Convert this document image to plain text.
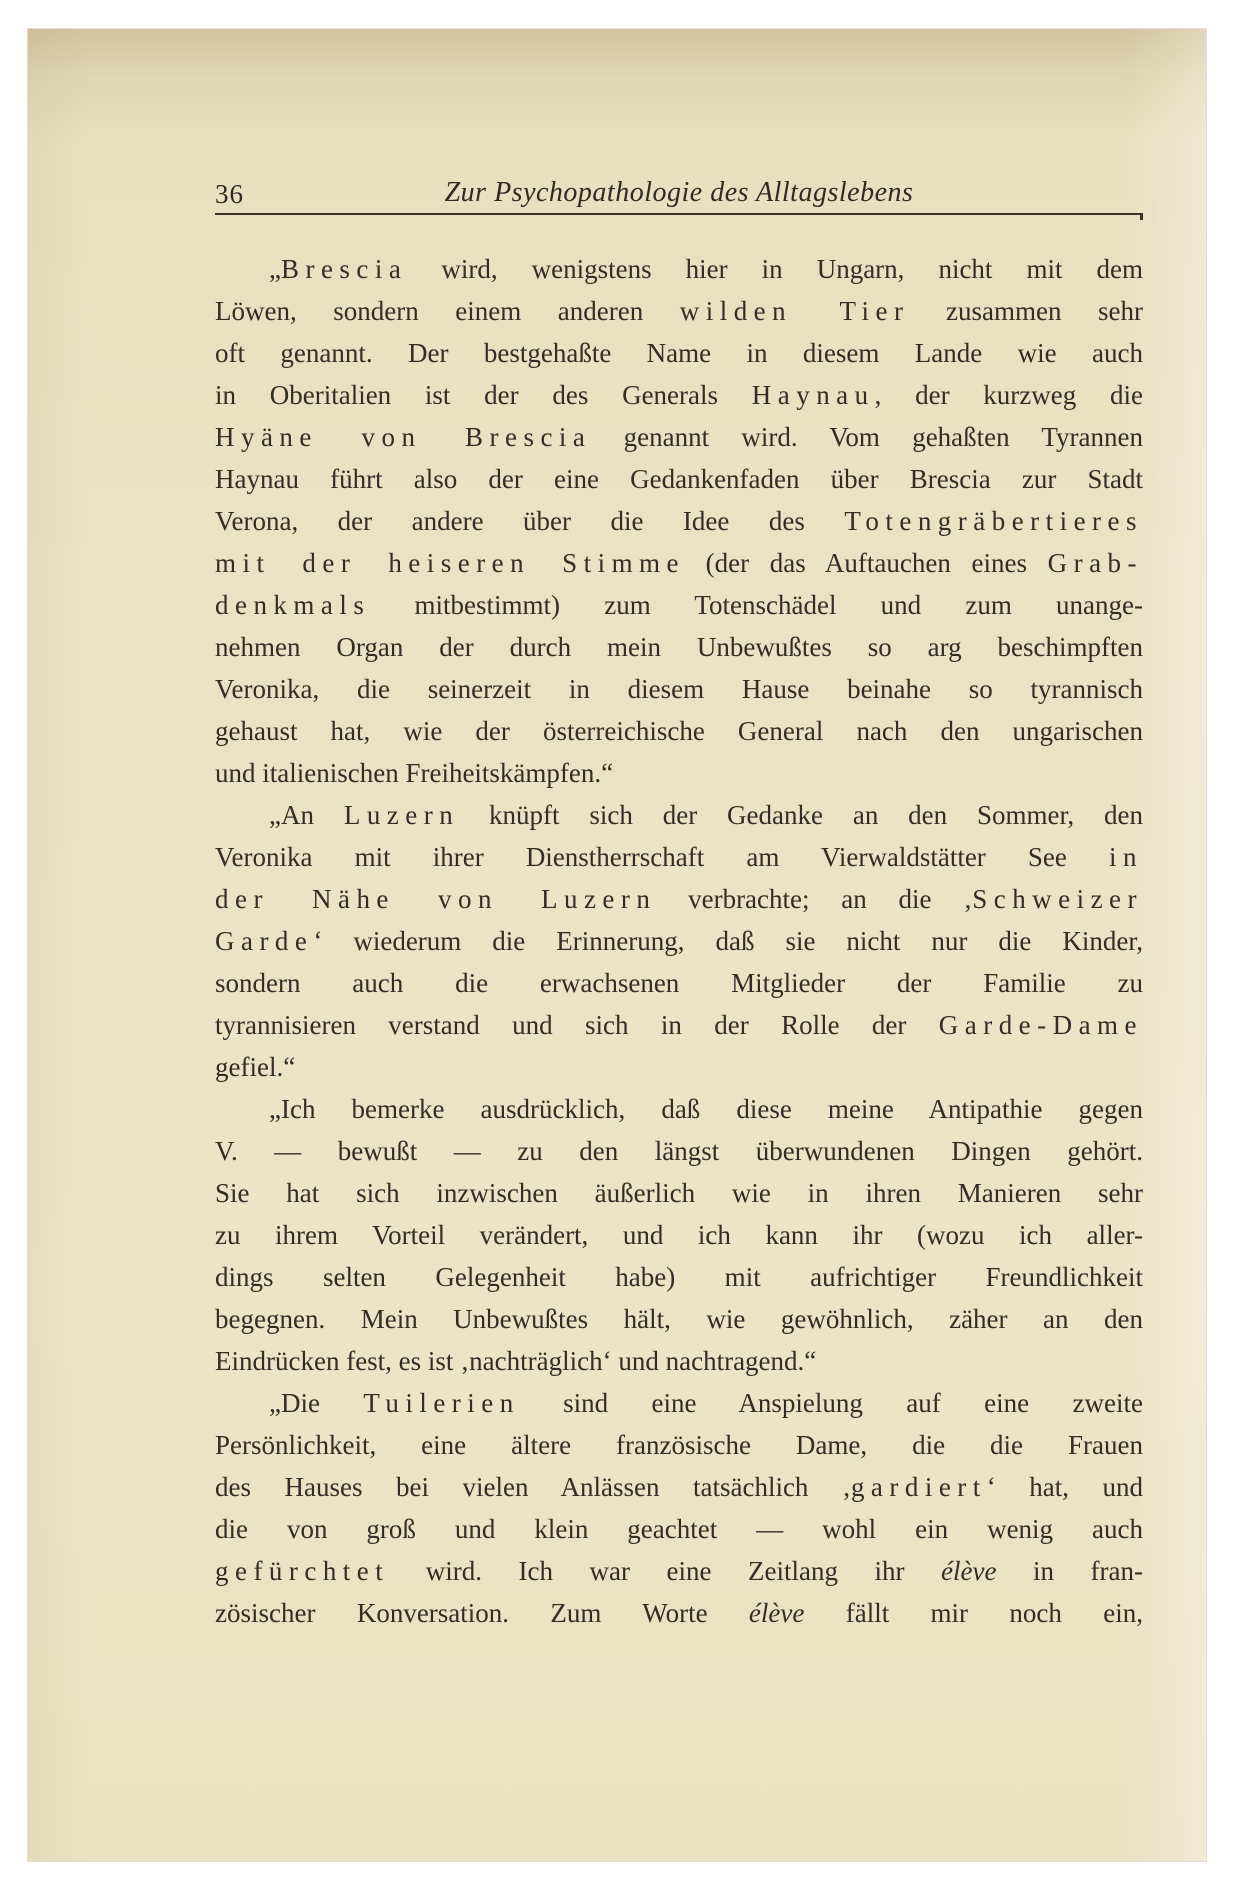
36	Zur Psychopathologie des Alltagslebens
„Brescia wird, wenigstens hier in Ungarn, nicht mit dem
Löwen, sondern einem anderen wilden Tier zusammen sehr
oft genannt. Der bestgehaßte Name in diesem Lande wie auch
in Oberitalien ist der des Generals Haynau, der kurzweg die
Hyäne von Brescia genannt wird. Vom gehaßten Tyrannen
Haynau führt also der eine Gedankenfaden über Brescia zur Stadt
Verona, der andere über die Idee des Totengräbertieres
mit der heiseren Stimme (der das Auftauchen eines Grab-
denkmals mitbestimmt) zum Totenschädel und zum unange-
nehmen Organ der durch mein Unbewußtes so arg beschimpften
Veronika, die seinerzeit in diesem Hause beinahe so tyrannisch
gehaust hat, wie der österreichische General nach den ungarischen
und italienischen Freiheitskämpfen.“
„An Luzern knüpft sich der Gedanke an den Sommer, den
Veronika mit ihrer Dienstherrschaft am Vierwaldstätter See in
der Nähe von Luzern verbrachte; an die ‚Schweizer
Garde‘ wiederum die Erinnerung, daß sie nicht nur die Kinder,
sondern auch die erwachsenen Mitglieder der Familie zu
tyrannisieren verstand und sich in der Rolle der Garde-Dame
gefiel.“
„Ich bemerke ausdrücklich, daß diese meine Antipathie gegen
V. — bewußt — zu den längst überwundenen Dingen gehört.
Sie hat sich inzwischen äußerlich wie in ihren Manieren sehr
zu ihrem Vorteil verändert, und ich kann ihr (wozu ich aller-
dings selten Gelegenheit habe) mit aufrichtiger Freundlichkeit
begegnen. Mein Unbewußtes hält, wie gewöhnlich, zäher an den
Eindrücken fest, es ist ‚nachträglich‘ und nachtragend.“
„Die Tuilerien sind eine Anspielung auf eine zweite
Persönlichkeit, eine ältere französische Dame, die die Frauen
des Hauses bei vielen Anlässen tatsächlich ‚gardiert‘ hat, und
die von groß und klein geachtet — wohl ein wenig auch
gefürchtet wird. Ich war eine Zeitlang ihr élève in fran-
zösischer Konversation. Zum Worte élève fällt mir noch ein,
